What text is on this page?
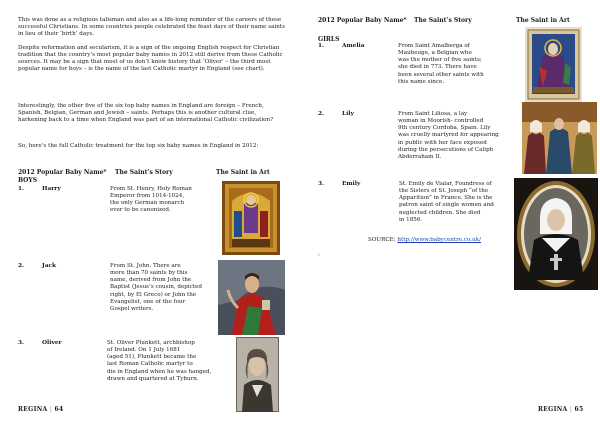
This was done as a religious talisman and also as a life-long reminder of the careers of these successful Christians. In some countries people celebrated the feast days of their name saints in lieu of their ‘birth’ days.

Despite reformation and secularism, it is a sign of the ongoing English respect for Christian tradition that the country’s most popular baby names in 2012 still derive from these Catholic sources. It may be a sign that most of us don’t know history that ‘Oliver’ – the third most popular name for boys – is the name of the last Catholic martyr in England (see chart).

Interestingly, the other five of the six top baby names in England are foreign – French, Spanish, Belgian, German and Jewish – saints. Perhaps this is another cultural clue, harkening back to a time when England was part of an international Catholic civilization?

So, here’s the full Catholic treatment for the top six baby names in England in 2012:

2012 Popular Baby Name* The Saint’s Story	The Saint in Art
BOYS
1.	Harry	From St. Henry, Holy Roman
Emperor from 1014-1024,
the only German monarch
ever to be canonized.
2.	Jack	From St. John. There are
more than 70 saints by this
name, derived from John the
Baptist (Jesus’s cousin, depicted
right, by El Greco) or John the
Evangelist, one of the four
Gospel writers.
3.	Oliver	St. Oliver Plunkett, archbishop
of Ireland. On 1 July 1681
(aged 51), Plunkett became the
last Roman Catholic martyr to
die in England when he was hanged,
drawn and quartered at Tyburn.
REGINA | 64
2012 Popular Baby Name* The Saint’s Story	The Saint in Art
GIRLS
1.	Amelia	From Saint Amalberga of
Maubeuge, a Belgian who
was the mother of five saints;
she died in 773. There have
been several other saints with
this name since.
2.	Lily	From Saint Liliosa, a lay
woman in Moorish- controlled
9th century Cordoba, Spain. Lily
was cruelly martyred for appearing
in public with her face exposed
during the persecutions of Caliph
Abderraham II.
3.	Emily	St. Emily de Vialar, Foundress of
the Sisters of St. Joseph “of the
Apparition” in France. She is the
patron saint of single women and
neglected children. She died
in 1856.
SOURCE: http://www.babycentre.co.uk/
:
REGINA | 65
